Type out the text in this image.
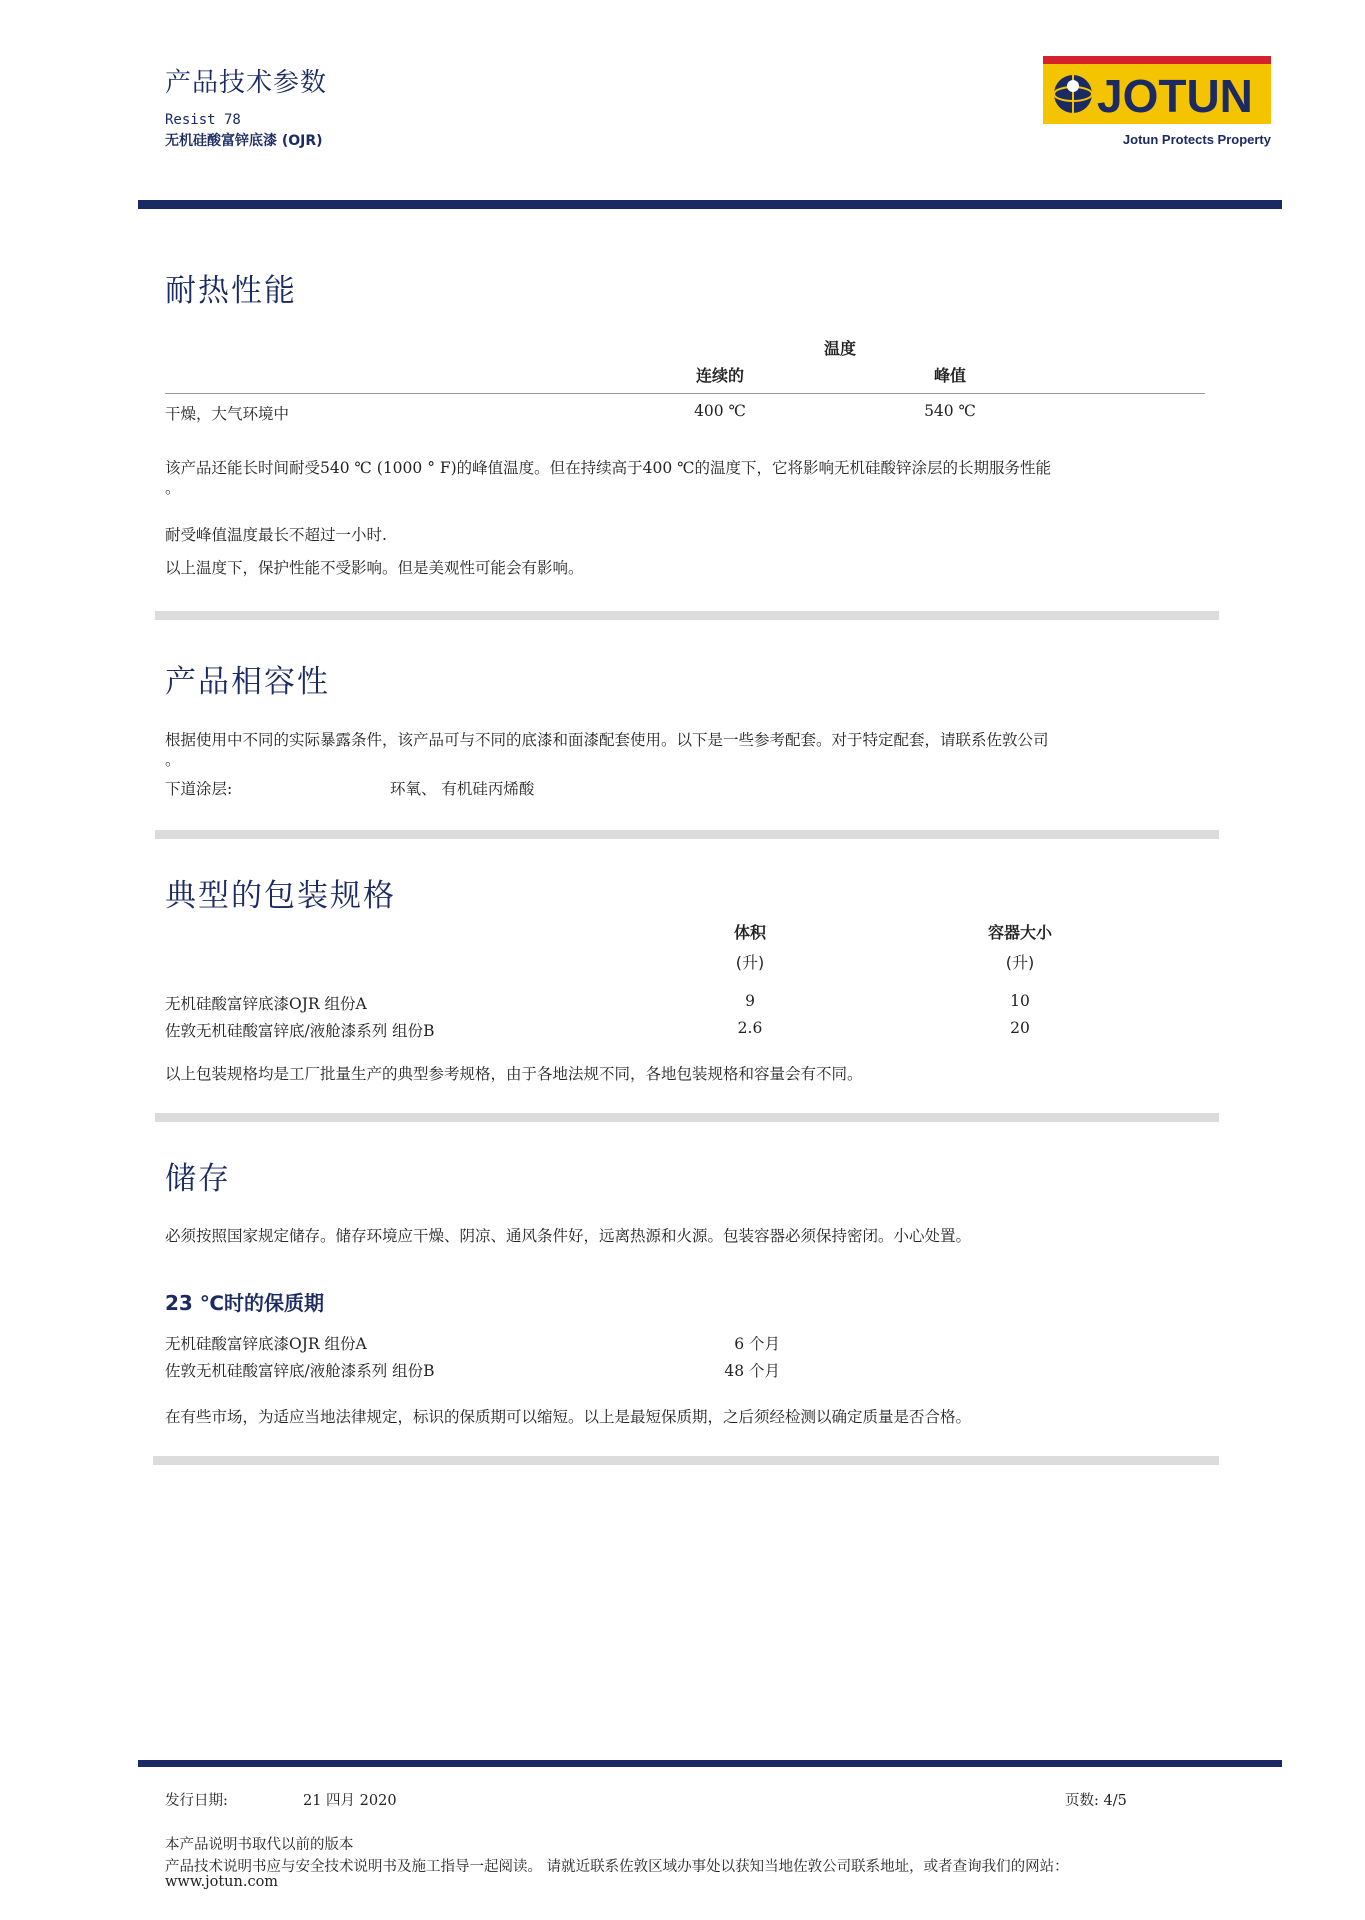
产品技术参数
Resist 78
无机硅酸富锌底漆 (OJR)
JOTUN
Jotun Protects Property
耐热性能
温度
连续的	峰值
干燥，大气环境中	400 ℃	540 ℃
该产品还能长时间耐受540 ℃ (1000 ° F)的峰值温度。但在持续高于400 ℃的温度下，它将影响无机硅酸锌涂层的长期服务性能
。
耐受峰值温度最长不超过一小时.
以上温度下，保护性能不受影响。但是美观性可能会有影响。
产品相容性
根据使用中不同的实际暴露条件，该产品可与不同的底漆和面漆配套使用。以下是一些参考配套。对于特定配套，请联系佐敦公司
。
下道涂层:	环氧、 有机硅丙烯酸
典型的包装规格
体积
(升)
容器大小
(升)
无机硅酸富锌底漆OJR 组份A	9	10
佐敦无机硅酸富锌底/液舱漆系列 组份B	2.6	20
以上包装规格均是工厂批量生产的典型参考规格，由于各地法规不同，各地包装规格和容量会有不同。
储存
必须按照国家规定储存。储存环境应干燥、阴凉、通风条件好，远离热源和火源。包装容器必须保持密闭。小心处置。
23 ℃时的保质期
无机硅酸富锌底漆OJR 组份A	6 个月
佐敦无机硅酸富锌底/液舱漆系列 组份B	48 个月
在有些市场，为适应当地法律规定，标识的保质期可以缩短。以上是最短保质期，之后须经检测以确定质量是否合格。
发行日期:	21 四月 2020	页数: 4/5
本产品说明书取代以前的版本
产品技术说明书应与安全技术说明书及施工指导一起阅读。 请就近联系佐敦区域办事处以获知当地佐敦公司联系地址，或者查询我们的网站：
www.jotun.com
